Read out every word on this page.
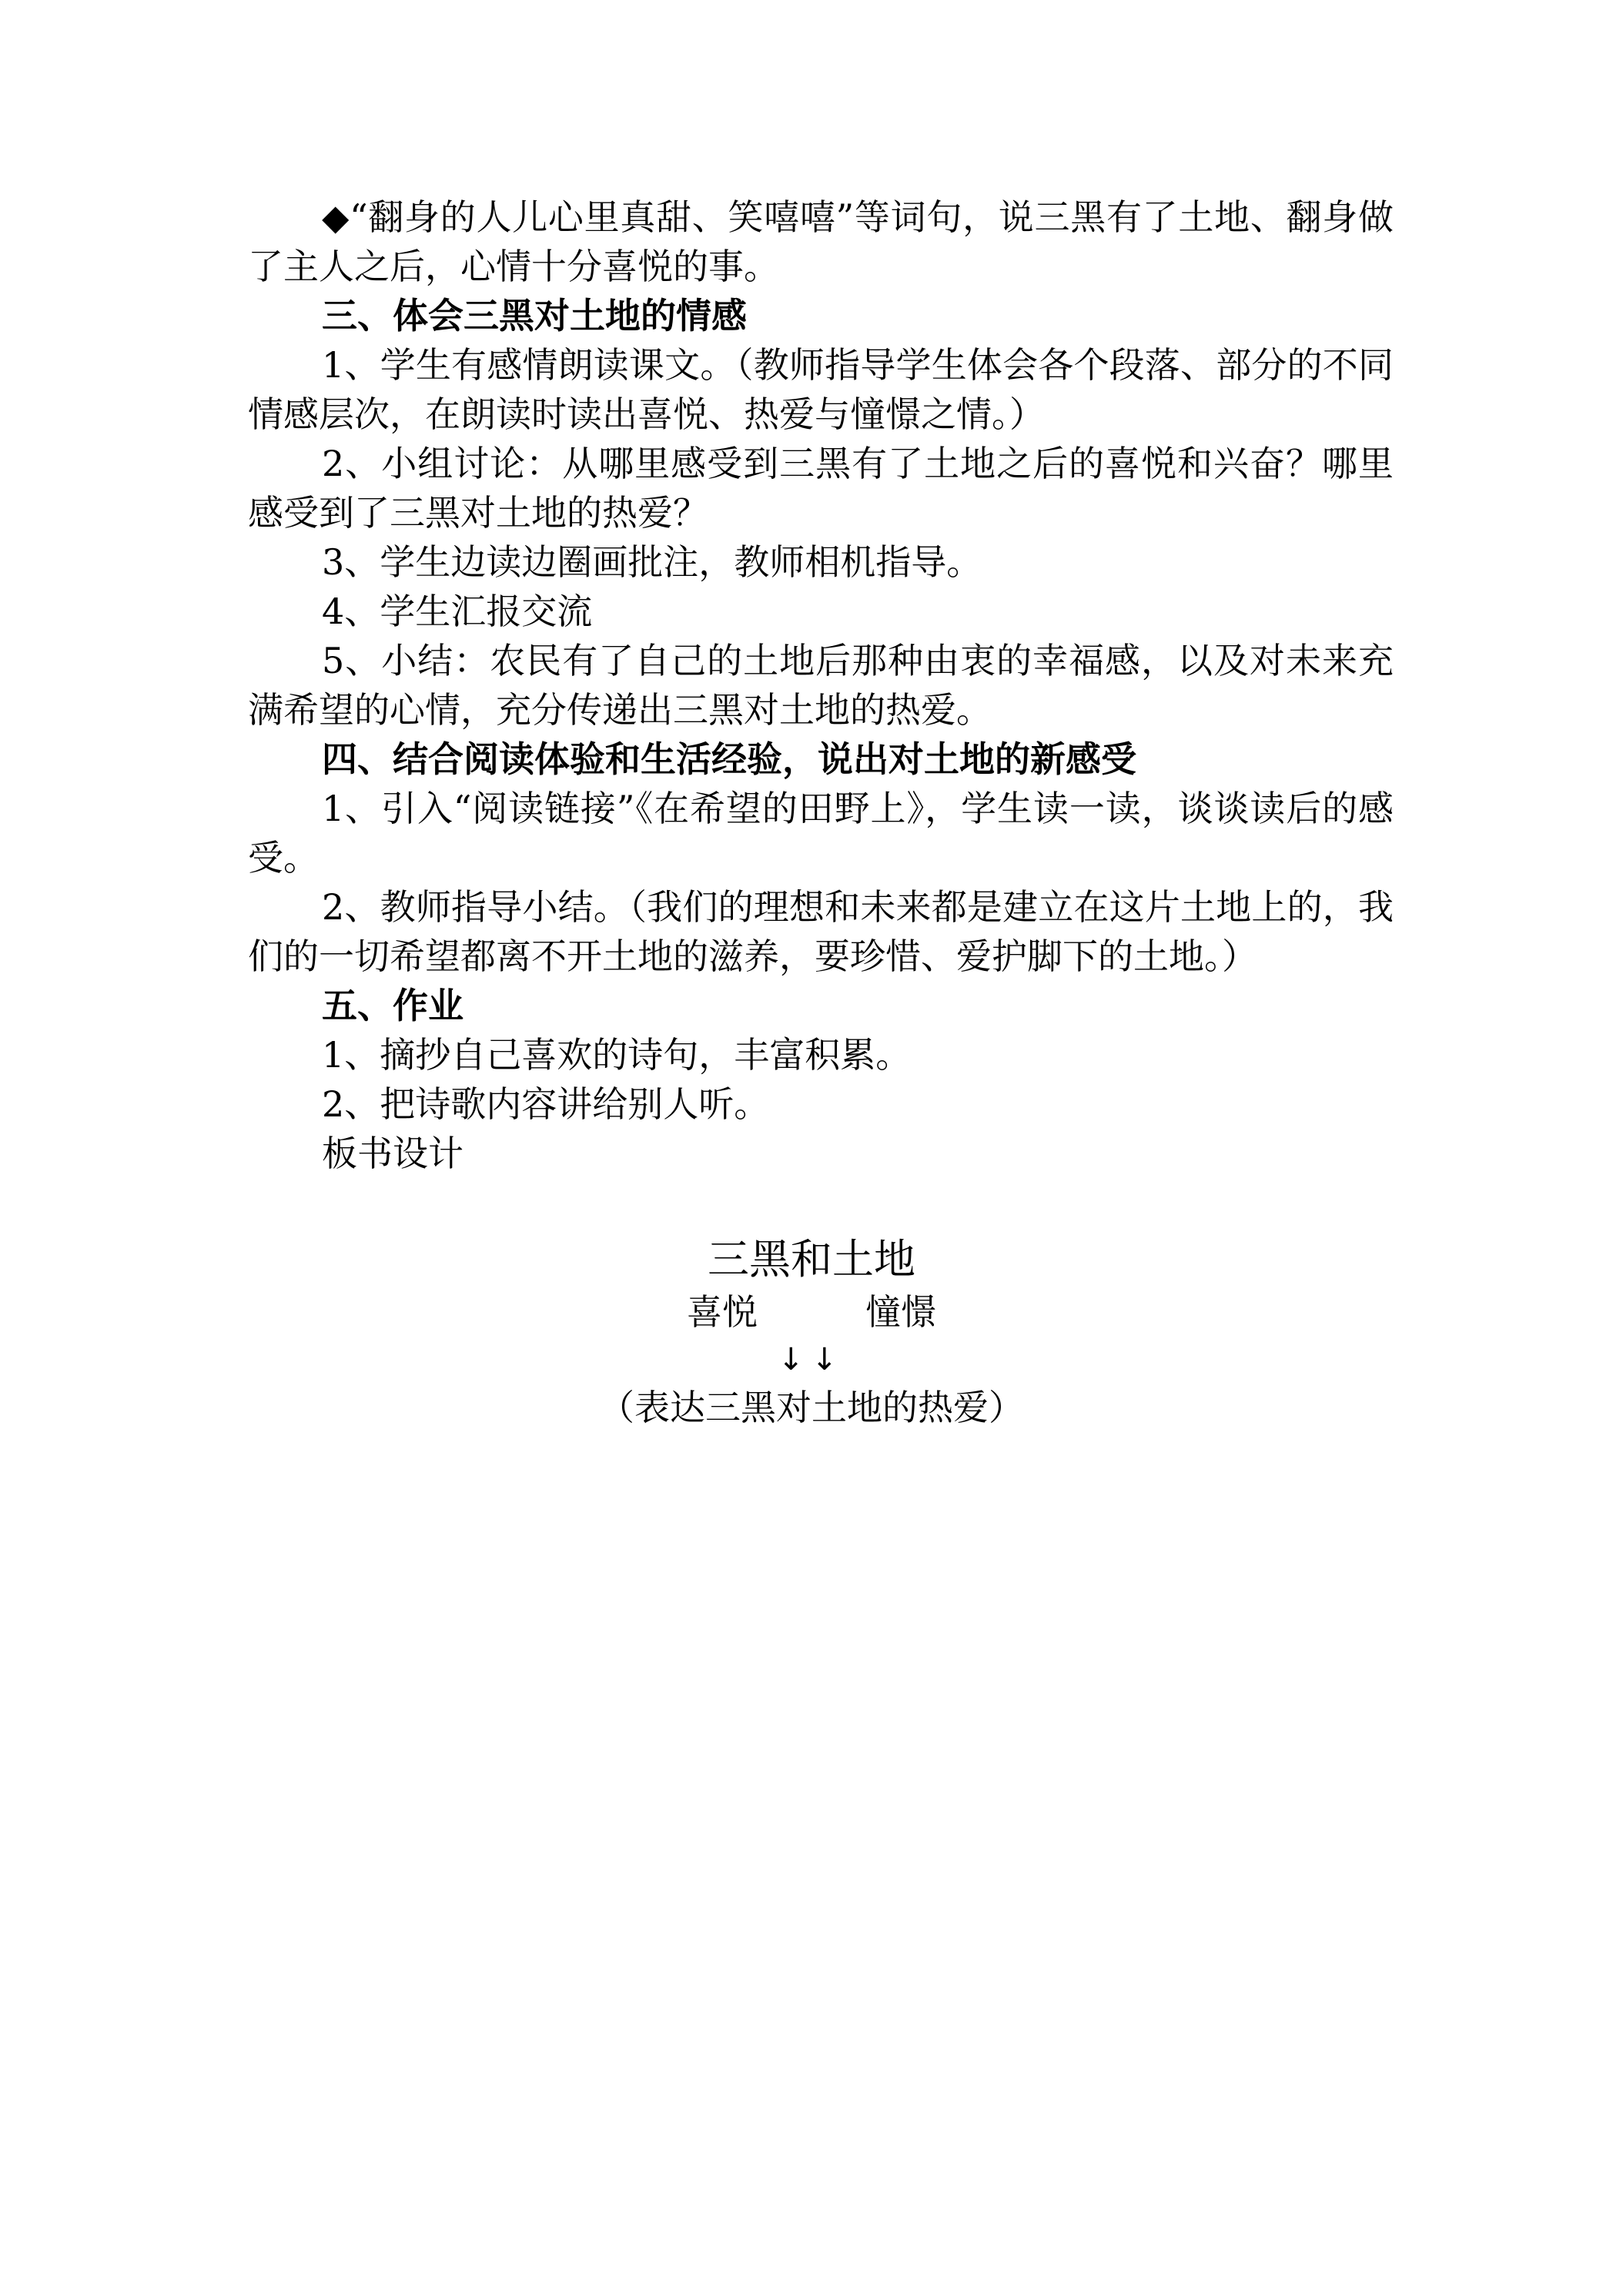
◆“翻身的人儿心里真甜、笑嘻嘻”等词句，说三黑有了土地、翻身做了主人之后，心情十分喜悦的事。

三、体会三黑对土地的情感

1、学生有感情朗读课文。（教师指导学生体会各个段落、部分的不同情感层次，在朗读时读出喜悦、热爱与憧憬之情。）

2、小组讨论：从哪里感受到三黑有了土地之后的喜悦和兴奋？哪里感受到了三黑对土地的热爱？

3、学生边读边圈画批注，教师相机指导。

4、学生汇报交流

5、小结：农民有了自己的土地后那种由衷的幸福感，以及对未来充满希望的心情，充分传递出三黑对土地的热爱。

四、结合阅读体验和生活经验，说出对土地的新感受

1、引入“阅读链接”《在希望的田野上》，学生读一读，谈谈读后的感受。

2、教师指导小结。（我们的理想和未来都是建立在这片土地上的，我们的一切希望都离不开土地的滋养，要珍惜、爱护脚下的土地。）

五、作业

1、摘抄自己喜欢的诗句，丰富积累。

2、把诗歌内容讲给别人听。

板书设计

三黑和土地

喜悦	憧憬

↓↓

（表达三黑对土地的热爱）
